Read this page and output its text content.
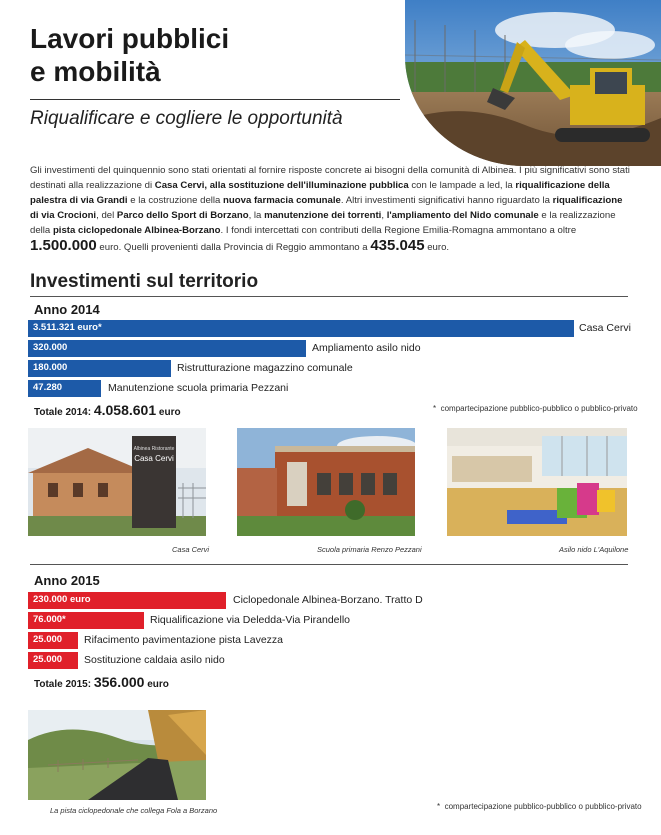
Lavori pubblici
e mobilità
Riqualificare e cogliere le opportunità
Gli investimenti del quinquennio sono stati orientati al fornire risposte concrete ai bisogni della comunità di Albinea. I più significativi sono stati destinati alla realizzazione di Casa Cervi, alla sostituzione dell'illuminazione pubblica con le lampade a led, la riqualificazione della palestra di via Grandi e la costruzione della nuova farmacia comunale. Altri investimenti significativi hanno riguardato la riqualificazione di via Crocioni, del Parco dello Sport di Borzano, la manutenzione dei torrenti, l'ampliamento del Nido comunale e la realizzazione della pista ciclopedonale Albinea-Borzano. I fondi intercettati con contributi della Regione Emilia-Romagna ammontano a oltre 1.500.000 euro. Quelli provenienti dalla Provincia di Reggio ammontano a 435.045 euro.
Investimenti sul territorio
Anno 2014
3.511.321 euro*	Casa Cervi
320.000	Ampliamento asilo nido
180.000	Ristrutturazione magazzino comunale
47.280	Manutenzione scuola primaria Pezzani
Totale 2014: 4.058.601 euro	* compartecipazione pubblico-pubblico o pubblico-privato
Albinea Ristorante
Casa Cervi
Casa Cervi	Scuola primaria Renzo Pezzani	Asilo nido L'Aquilone
Anno 2015
230.000 euro	Ciclopedonale Albinea-Borzano. Tratto D
76.000*	Riqualificazione via Deledda-Via Pirandello
25.000 Rifacimento pavimentazione pista Lavezza
25.000 Sostituzione caldaia asilo nido
Totale 2015: 356.000 euro
La pista ciclopedonale che collega Fola a Borzano	* compartecipazione pubblico-pubblico o pubblico-privato
